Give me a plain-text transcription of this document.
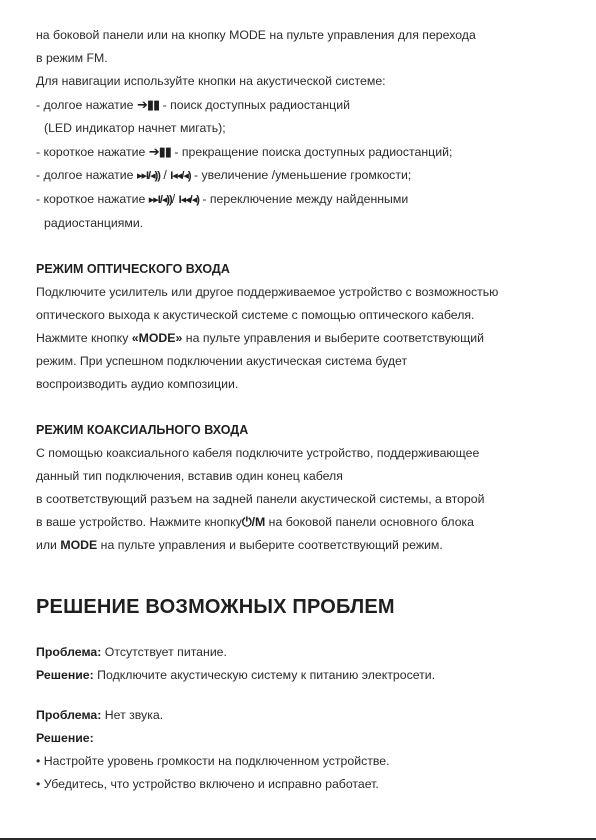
на боковой панели или на кнопку MODE на пульте управления для перехода

в режим FM.

Для навигации используйте кнопки на акустической системе:

- долгое нажатие ➔▮▮ - поиск доступных радиостанций

(LED индикатор начнет мигать);

- короткое нажатие ➔▮▮ - прекращение поиска доступных радиостанций;

- долгое нажатие ▸▸I/◂)) / I◂◂/◂) - увеличение /уменьшение громкости;

- короткое нажатие ▸▸I/◂))/ I◂◂/◂) - переключение между найденными

радиостанциями.

РЕЖИМ ОПТИЧЕСКОГО ВХОДА

Подключите усилитель или другое поддерживаемое устройство с возможностью

оптического выхода к акустической системе с помощью оптического кабеля.

Нажмите кнопку «MODE» на пульте управления и выберите соответствующий

режим. При успешном подключении акустическая система будет

воспроизводить аудио композиции.

РЕЖИМ КОАКСИАЛЬНОГО ВХОДА

С помощью коаксиального кабеля подключите устройство, поддерживающее

данный тип подключения, вставив один конец кабеля

в соответствующий разъем на задней панели акустической системы, а второй

в ваше устройство. Нажмите кнопку⏻/M на боковой панели основного блока

или MODE на пульте управления и выберите соответствующий режим.

РЕШЕНИЕ ВОЗМОЖНЫХ ПРОБЛЕМ

Проблема: Отсутствует питание.

Решение: Подключите акустическую систему к питанию электросети.

Проблема: Нет звука.

Решение:

• Настройте уровень громкости на подключенном устройстве.

• Убедитесь, что устройство включено и исправно работает.
